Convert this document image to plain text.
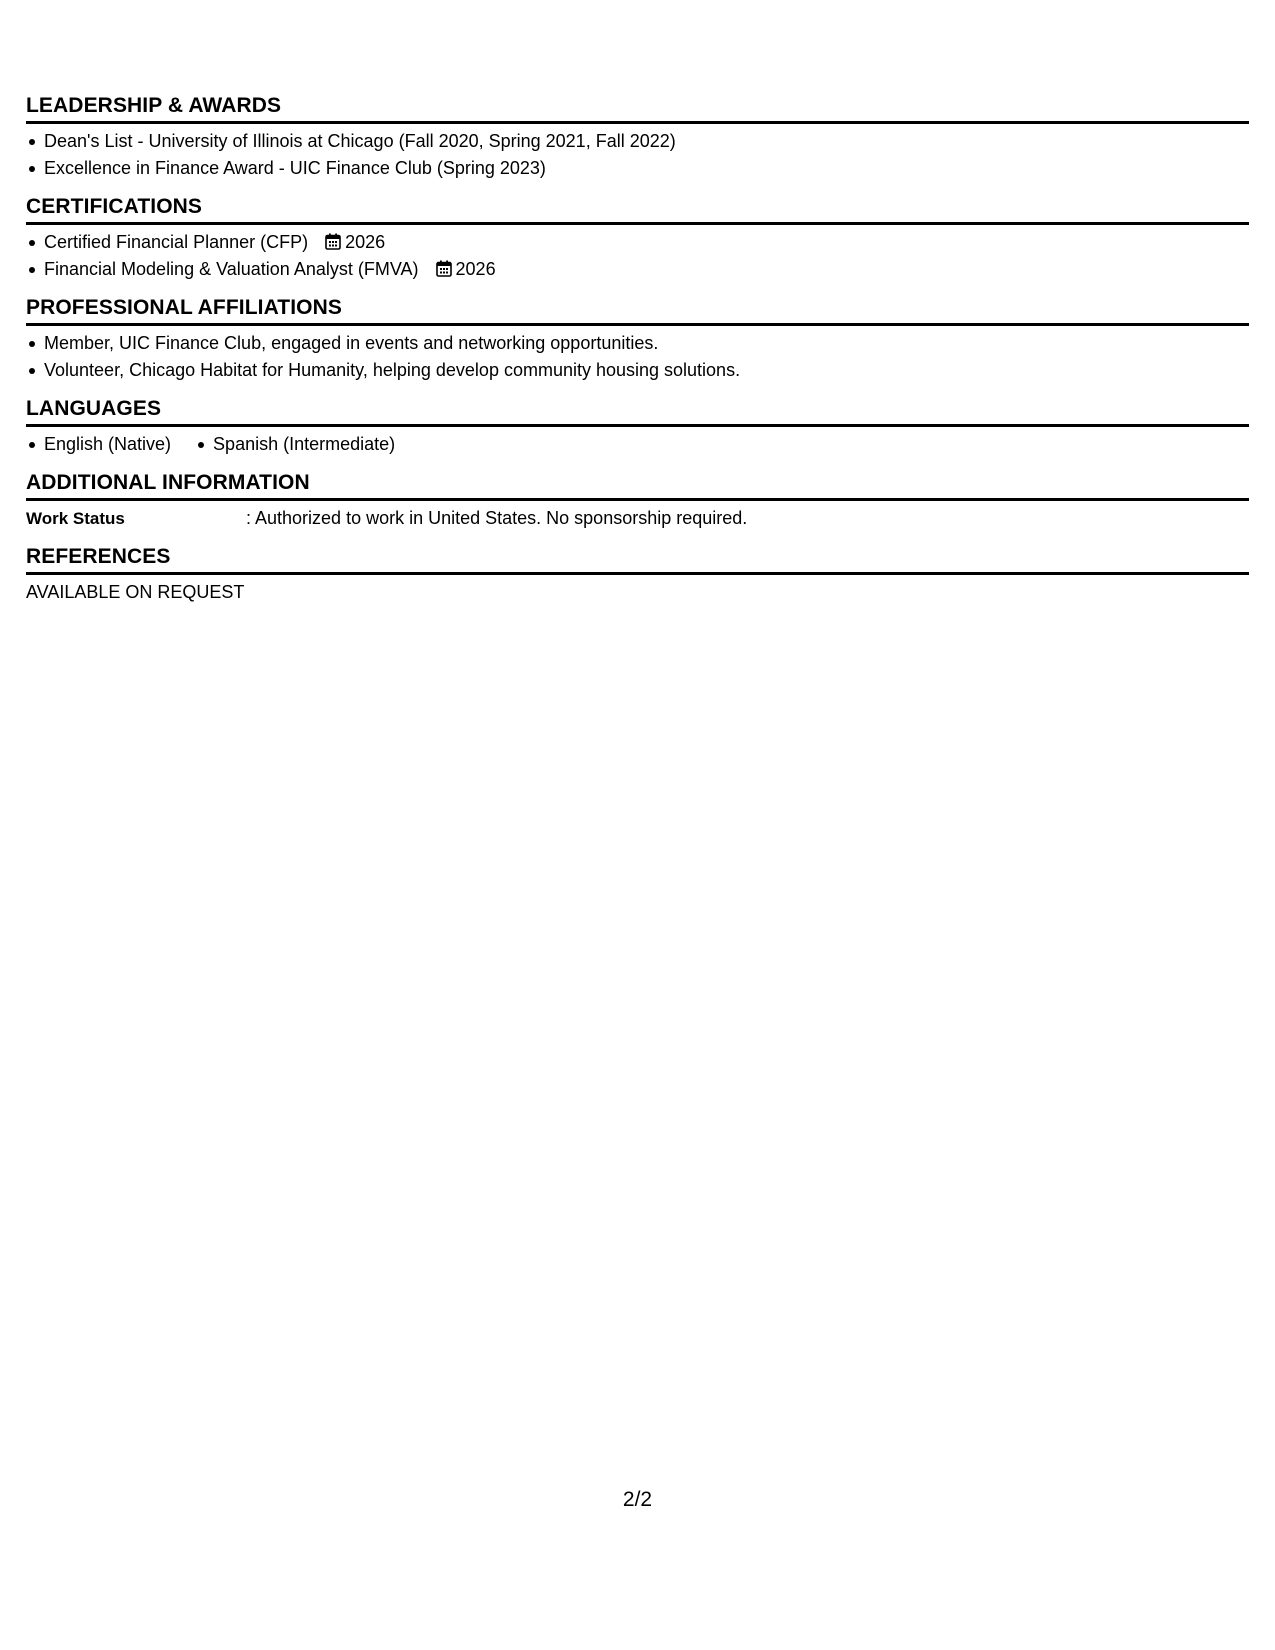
LEADERSHIP & AWARDS
Dean's List - University of Illinois at Chicago (Fall 2020, Spring 2021, Fall 2022)
Excellence in Finance Award - UIC Finance Club (Spring 2023)
CERTIFICATIONS
Certified Financial Planner (CFP) 2026
Financial Modeling & Valuation Analyst (FMVA) 2026
PROFESSIONAL AFFILIATIONS
Member, UIC Finance Club, engaged in events and networking opportunities.
Volunteer, Chicago Habitat for Humanity, helping develop community housing solutions.
LANGUAGES
English (Native)	Spanish (Intermediate)
ADDITIONAL INFORMATION
Work Status	: Authorized to work in United States. No sponsorship required.
REFERENCES
AVAILABLE ON REQUEST
2/2
